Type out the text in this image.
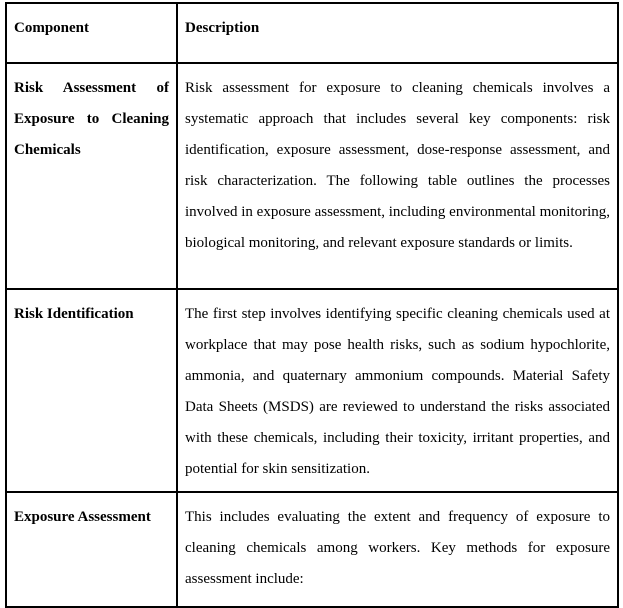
Component	Description
Risk Assessment of Exposure to Cleaning Chemicals	Risk assessment for exposure to cleaning chemicals involves a systematic approach that includes several key components: risk identification, exposure assessment, dose-response assessment, and risk characterization. The following table outlines the processes involved in exposure assessment, including environmental monitoring, biological monitoring, and relevant exposure standards or limits.
Risk Identification	The first step involves identifying specific cleaning chemicals used at workplace that may pose health risks, such as sodium hypochlorite, ammonia, and quaternary ammonium compounds. Material Safety Data Sheets (MSDS) are reviewed to understand the risks associated with these chemicals, including their toxicity, irritant properties, and potential for skin sensitization.
Exposure Assessment	This includes evaluating the extent and frequency of exposure to cleaning chemicals among workers. Key methods for exposure assessment include:
